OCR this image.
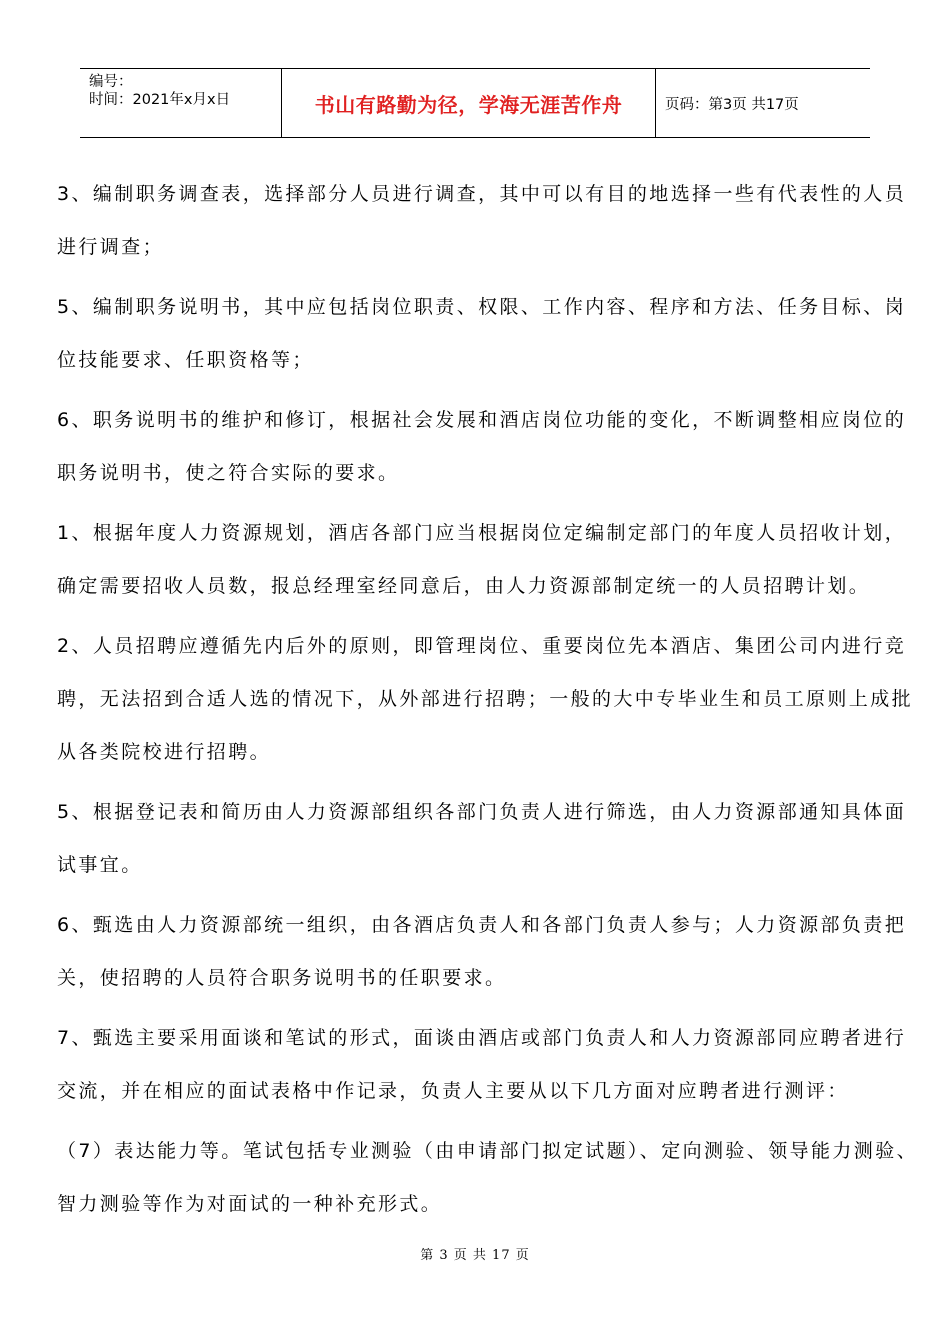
编号：
时间：2021年x月x日	书山有路勤为径，学海无涯苦作舟	页码：第3页 共17页

3、编制职务调查表，选择部分人员进行调查，其中可以有目的地选择一些有代表性的人员进行调查；

5、编制职务说明书，其中应包括岗位职责、权限、工作内容、程序和方法、任务目标、岗位技能要求、任职资格等；

6、职务说明书的维护和修订，根据社会发展和酒店岗位功能的变化，不断调整相应岗位的职务说明书，使之符合实际的要求。

1、根据年度人力资源规划，酒店各部门应当根据岗位定编制定部门的年度人员招收计划，确定需要招收人员数，报总经理室经同意后，由人力资源部制定统一的人员招聘计划。

2、人员招聘应遵循先内后外的原则，即管理岗位、重要岗位先本酒店、集团公司内进行竞聘，无法招到合适人选的情况下，从外部进行招聘；一般的大中专毕业生和员工原则上成批从各类院校进行招聘。

5、根据登记表和简历由人力资源部组织各部门负责人进行筛选，由人力资源部通知具体面试事宜。

6、甄选由人力资源部统一组织，由各酒店负责人和各部门负责人参与；人力资源部负责把关，使招聘的人员符合职务说明书的任职要求。

7、甄选主要采用面谈和笔试的形式，面谈由酒店或部门负责人和人力资源部同应聘者进行交流，并在相应的面试表格中作记录，负责人主要从以下几方面对应聘者进行测评：

（7）表达能力等。笔试包括专业测验（由申请部门拟定试题）、定向测验、领导能力测验、智力测验等作为对面试的一种补充形式。

第 3 页 共 17 页
